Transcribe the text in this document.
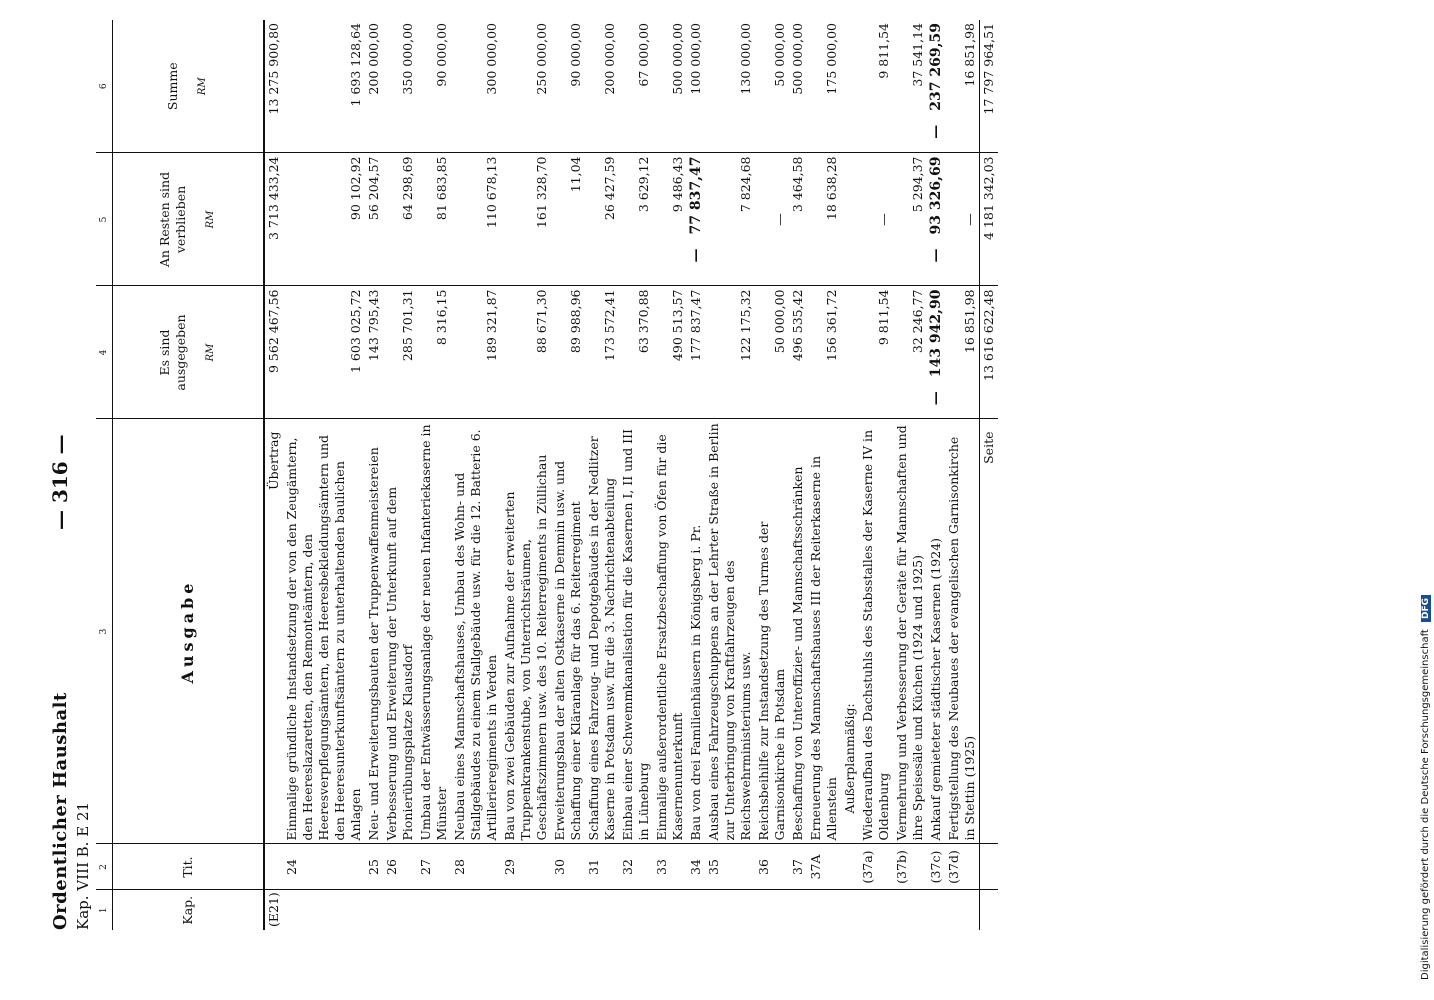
Ordentlicher Haushalt Kap. VIII B. E 21
— 316 —
1	2	3	4	5	6
Kap.	Tit.	Ausgabe	Es sind ausgegeben RM	An Resten sind verblieben RM	Summe RM

(E21)		Übertrag	9 562 467,56	3 713 433,24	13 275 900,80
	24	Einmalige gründliche Instandsetzung der von den Zeugämtern, den Heereslazaretten, den Remonteämtern, den Heeresverpflegungsämtern, den Heeresbekleidungsämtern und den Heeresunterkunftsämtern zu unterhaltenden baulichen Anlagen	1 603 025,72	90 102,92	1 693 128,64
	25	Neu- und Erweiterungsbauten der Truppenwaffenmeistereien	143 795,43	56 204,57	200 000,00
	26	Verbesserung und Erweiterung der Unterkunft auf dem Pionierübungsplatze Klausdorf	285 701,31	64 298,69	350 000,00
	27	Umbau der Entwässerungsanlage der neuen Infanteriekaserne in Münster	8 316,15	81 683,85	90 000,00
	28	Neubau eines Mannschaftshauses, Umbau des Wohn- und Stallgebäudes zu einem Stallgebäude usw. für die 12. Batterie 6. Artillerieregiments in Verden	189 321,87	110 678,13	300 000,00
	29	Bau von zwei Gebäuden zur Aufnahme der erweiterten Truppenkrankenstube, von Unterrichtsräumen, Geschäftszimmern usw. des 10. Reiterregiments in Züllichau	88 671,30	161 328,70	250 000,00
	30	Erweiterungsbau der alten Ostkaserne in Demmin usw. und Schaffung einer Kläranlage für das 6. Reiterregiment	89 988,96	11,04	90 000,00
	31	Schaffung eines Fahrzeug- und Depotgebäudes in der Nedlitzer Kaserne in Potsdam usw. für die 3. Nachrichtenabteilung	173 572,41	26 427,59	200 000,00
	32	Einbau einer Schwemmkanalisation für die Kasernen I, II und III in Lüneburg	63 370,88	3 629,12	67 000,00
	33	Einmalige außerordentliche Ersatzbeschaffung von Öfen für die Kasernenunterkunft	490 513,57	9 486,43	500 000,00
	34	Bau von drei Familienhäusern in Königsberg i. Pr.	177 837,47	—77 837,47	100 000,00
	35	Ausbau eines Fahrzeugschuppens an der Lehrter Straße in Berlin zur Unterbringung von Kraftfahrzeugen des Reichswehrministeriums usw.	122 175,32	7 824,68	130 000,00
	36	Reichsbeihilfe zur Instandsetzung des Turmes der Garnisonkirche in Potsdam	50 000,00	—	50 000,00
	37	Beschaffung von Unteroffizier- und Mannschaftsschränken	496 535,42	3 464,58	500 000,00
	37A	Erneuerung des Mannschaftshauses III der Reiterkaserne in Allenstein	156 361,72	18 638,28	175 000,00
		Außerplanmäßig:			
	(37a)	Wiederaufbau des Dachstuhls des Stabsstalles der Kaserne IV in Oldenburg	9 811,54	—	9 811,54
	(37b)	Vermehrung und Verbesserung der Geräte für Mannschaften und ihre Speisesäle und Küchen (1924 und 1925)	32 246,77	5 294,37	37 541,14
	(37c)	Ankauf gemieteter städtischer Kasernen (1924)	—143 942,90	—93 326,69	—237 269,59
	(37d)	Fertigstellung des Neubaues der evangelischen Garnisonkirche in Stettin (1925)	16 851,98	—	16 851,98
		Seite	13 616 622,48	4 181 342,03	17 797 964,51
Digitalisierung gefördert durch die Deutsche Forschungsgemeinschaft DFG
